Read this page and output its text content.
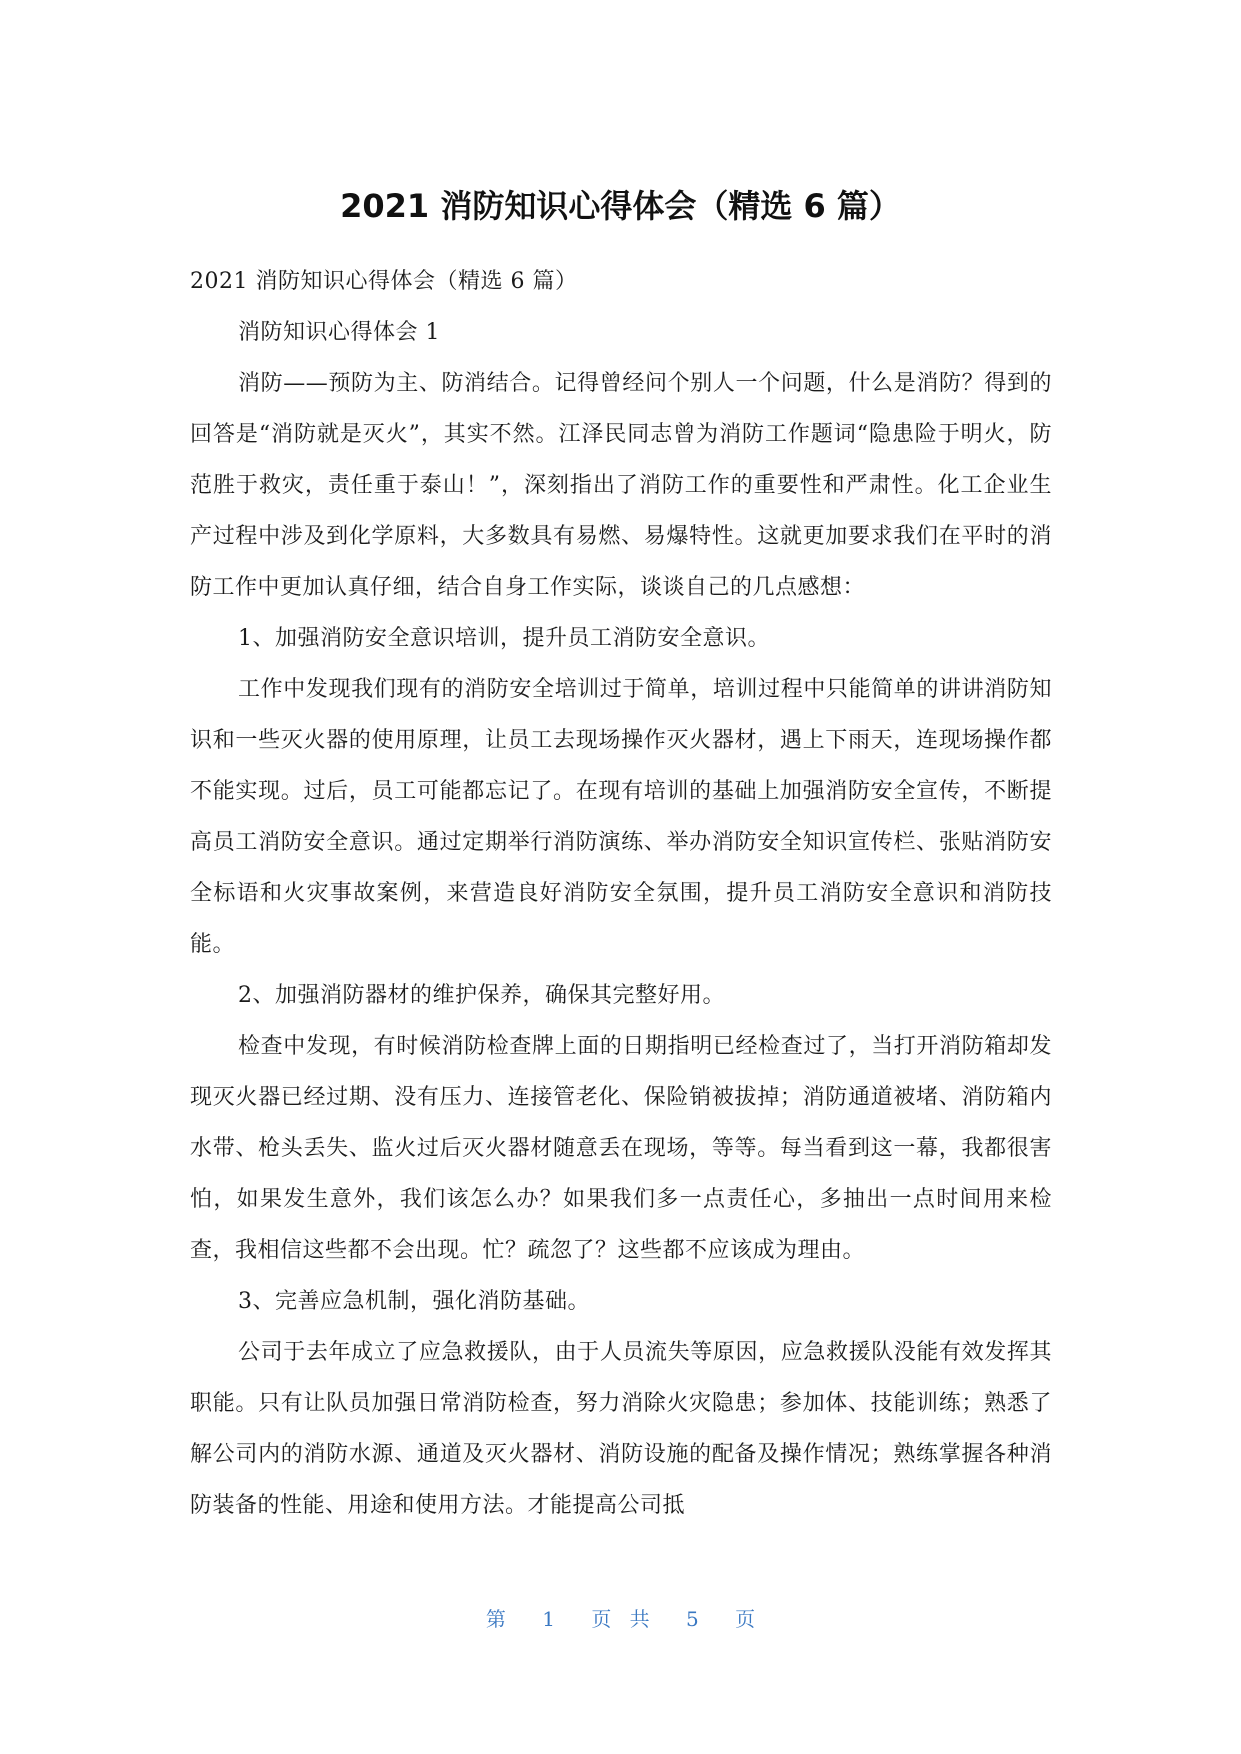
2021 消防知识心得体会（精选 6 篇）

2021 消防知识心得体会（精选 6 篇）

消防知识心得体会 1

消防——预防为主、防消结合。记得曾经问个别人一个问题，什么是消防？得到的回答是“消防就是灭火”，其实不然。江泽民同志曾为消防工作题词“隐患险于明火，防范胜于救灾，责任重于泰山！”，深刻指出了消防工作的重要性和严肃性。化工企业生产过程中涉及到化学原料，大多数具有易燃、易爆特性。这就更加要求我们在平时的消防工作中更加认真仔细，结合自身工作实际，谈谈自己的几点感想：

1、加强消防安全意识培训，提升员工消防安全意识。

工作中发现我们现有的消防安全培训过于简单，培训过程中只能简单的讲讲消防知识和一些灭火器的使用原理，让员工去现场操作灭火器材，遇上下雨天，连现场操作都不能实现。过后，员工可能都忘记了。在现有培训的基础上加强消防安全宣传，不断提高员工消防安全意识。通过定期举行消防演练、举办消防安全知识宣传栏、张贴消防安全标语和火灾事故案例，来营造良好消防安全氛围，提升员工消防安全意识和消防技能。

2、加强消防器材的维护保养，确保其完整好用。

检查中发现，有时候消防检查牌上面的日期指明已经检查过了，当打开消防箱却发现灭火器已经过期、没有压力、连接管老化、保险销被拔掉；消防通道被堵、消防箱内水带、枪头丢失、监火过后灭火器材随意丢在现场，等等。每当看到这一幕，我都很害怕，如果发生意外，我们该怎么办？如果我们多一点责任心，多抽出一点时间用来检查，我相信这些都不会出现。忙？疏忽了？这些都不应该成为理由。

3、完善应急机制，强化消防基础。

公司于去年成立了应急救援队，由于人员流失等原因，应急救援队没能有效发挥其职能。只有让队员加强日常消防检查，努力消除火灾隐患；参加体、技能训练；熟悉了解公司内的消防水源、通道及灭火器材、消防设施的配备及操作情况；熟练掌握各种消防装备的性能、用途和使用方法。才能提高公司抵

第 1 页 共 5 页
